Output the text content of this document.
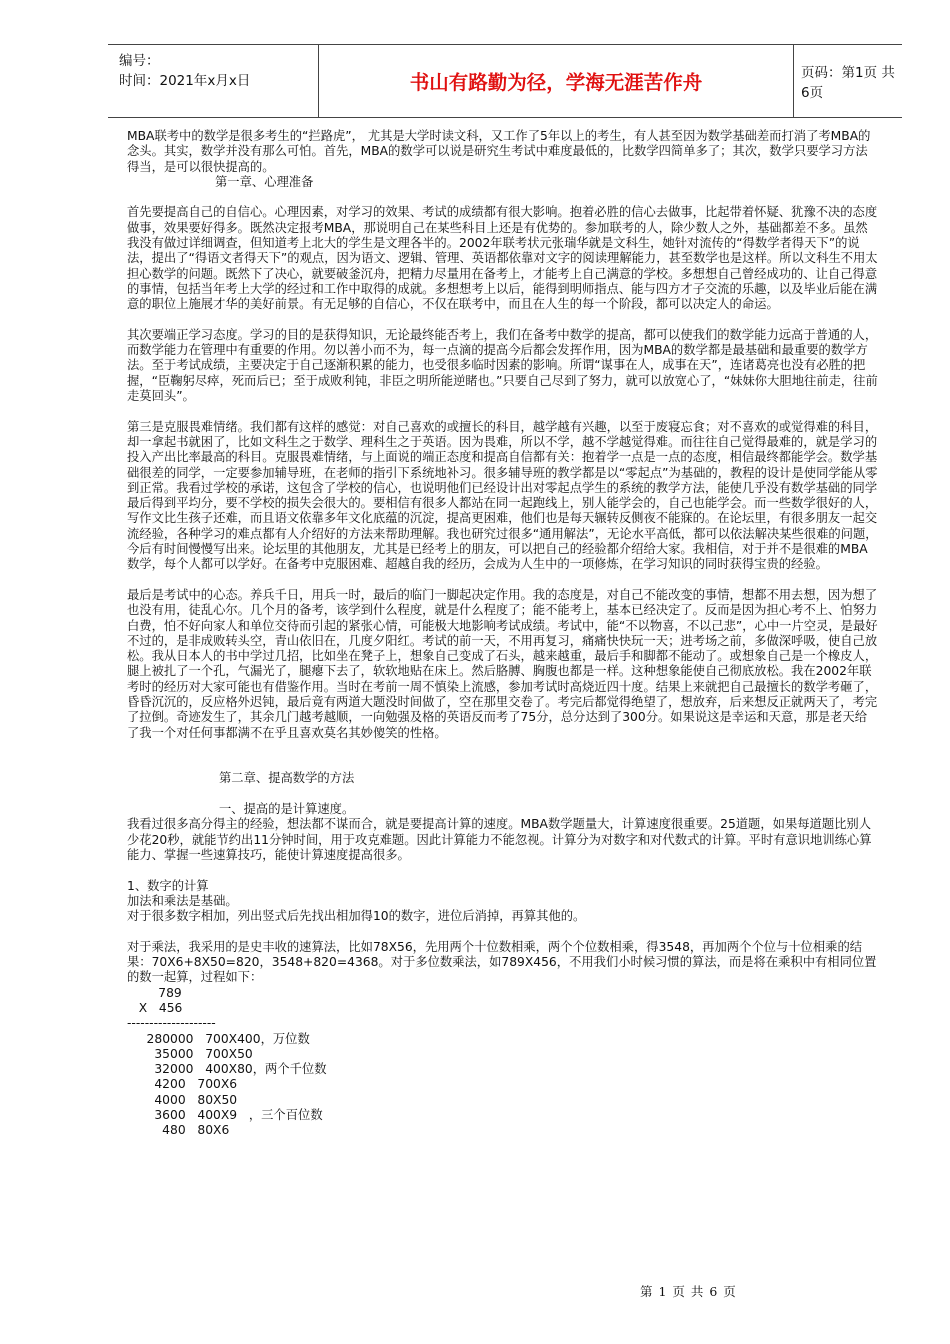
编号：
时间：2021年x月x日	书山有路勤为径，学海无涯苦作舟	页码：第1页 共6页

MBA联考中的数学是很多考生的“拦路虎”， 尤其是大学时读文科，又工作了5年以上的考生，有人甚至因为数学基础差而打消了考MBA的念头。其实，数学并没有那么可怕。首先，MBA的数学可以说是研究生考试中难度最低的，比数学四简单多了；其次，数学只要学习方法得当，是可以很快提高的。

第一章、心理准备

首先要提高自己的自信心。心理因素，对学习的效果、考试的成绩都有很大影响。抱着必胜的信心去做事，比起带着怀疑、犹豫不决的态度做事，效果要好得多。既然决定报考MBA，那说明自己在某些科目上还是有优势的。参加联考的人，除少数人之外，基础都差不多。虽然我没有做过详细调查，但知道考上北大的学生是文理各半的。2002年联考状元张瑞华就是文科生，她针对流传的“得数学者得天下”的说法，提出了“得语文者得天下”的观点，因为语文、逻辑、管理、英语都依靠对文字的阅读理解能力，甚至数学也是这样。所以文科生不用太担心数学的问题。既然下了决心，就要破釜沉舟，把精力尽量用在备考上，才能考上自己满意的学校。多想想自己曾经成功的、让自己得意的事情，包括当年考上大学的经过和工作中取得的成就。多想想考上以后，能得到明师指点、能与四方才子交流的乐趣，以及毕业后能在满意的职位上施展才华的美好前景。有无足够的自信心，不仅在联考中，而且在人生的每一个阶段，都可以决定人的命运。

其次要端正学习态度。学习的目的是获得知识，无论最终能否考上，我们在备考中数学的提高，都可以使我们的数学能力远高于普通的人，而数学能力在管理中有重要的作用。勿以善小而不为，每一点滴的提高今后都会发挥作用，因为MBA的数学都是最基础和最重要的数学方法。至于考试成绩，主要决定于自己逐渐积累的能力，也受很多临时因素的影响。所谓“谋事在人，成事在天”，连诸葛亮也没有必胜的把握，“臣鞠躬尽瘁，死而后已；至于成败利钝，非臣之明所能逆睹也。”只要自己尽到了努力，就可以放宽心了，“妹妹你大胆地往前走，往前走莫回头”。

第三是克服畏难情绪。我们都有这样的感觉：对自己喜欢的或擅长的科目，越学越有兴趣，以至于废寝忘食；对不喜欢的或觉得难的科目，却一拿起书就困了，比如文科生之于数学、理科生之于英语。因为畏难，所以不学，越不学越觉得难。而往往自己觉得最难的，就是学习的投入产出比率最高的科目。克服畏难情绪，与上面说的端正态度和提高自信都有关：抱着学一点是一点的态度，相信最终都能学会。数学基础很差的同学，一定要参加辅导班，在老师的指引下系统地补习。很多辅导班的教学都是以“零起点”为基础的，教程的设计是使同学能从零到正常。我看过学校的承诺，这包含了学校的信心，也说明他们已经设计出对零起点学生的系统的教学方法，能使几乎没有数学基础的同学最后得到平均分，要不学校的损失会很大的。要相信有很多人都站在同一起跑线上，别人能学会的，自己也能学会。而一些数学很好的人，写作文比生孩子还难，而且语文依靠多年文化底蕴的沉淀，提高更困难，他们也是每天辗转反侧夜不能寐的。在论坛里，有很多朋友一起交流经验，各种学习的难点都有人介绍好的方法来帮助理解。我也研究过很多“通用解法”，无论水平高低，都可以依法解决某些很难的问题，今后有时间慢慢写出来。论坛里的其他朋友，尤其是已经考上的朋友，可以把自己的经验都介绍给大家。我相信，对于并不是很难的MBA数学，每个人都可以学好。在备考中克服困难、超越自我的经历，会成为人生中的一项修炼，在学习知识的同时获得宝贵的经验。

最后是考试中的心态。养兵千日，用兵一时，最后的临门一脚起决定作用。我的态度是，对自己不能改变的事情，想都不用去想，因为想了也没有用，徒乱心尔。几个月的备考，该学到什么程度，就是什么程度了；能不能考上，基本已经决定了。反而是因为担心考不上、怕努力白费，怕不好向家人和单位交待而引起的紧张心情，可能极大地影响考试成绩。考试中，能“不以物喜，不以己悲”，心中一片空灵，是最好不过的，是非成败转头空，青山依旧在，几度夕阳红。考试的前一天，不用再复习，痛痛快快玩一天；进考场之前，多做深呼吸，使自己放松。我从日本人的书中学过几招，比如坐在凳子上，想象自己变成了石头，越来越重，最后手和脚都不能动了。或想象自己是一个橡皮人，腿上被扎了一个孔，气漏光了，腿瘪下去了，软软地贴在床上。然后胳膊、胸腹也都是一样。这种想象能使自己彻底放松。我在2002年联考时的经历对大家可能也有借鉴作用。当时在考前一周不慎染上流感，参加考试时高烧近四十度。结果上来就把自己最擅长的数学考砸了，昏昏沉沉的，反应格外迟钝，最后竟有两道大题没时间做了，空在那里交卷了。考完后都觉得绝望了，想放弃，后来想反正就两天了，考完了拉倒。奇迹发生了，其余几门越考越顺，一向勉强及格的英语反而考了75分，总分达到了300分。如果说这是幸运和天意，那是老天给了我一个对任何事都满不在乎且喜欢莫名其妙傻笑的性格。

第二章、提高数学的方法

一、提高的是计算速度。

我看过很多高分得主的经验，想法都不谋而合，就是要提高计算的速度。MBA数学题量大，计算速度很重要。25道题，如果每道题比别人少花20秒，就能节约出11分钟时间，用于攻克难题。因此计算能力不能忽视。计算分为对数字和对代数式的计算。平时有意识地训练心算能力、掌握一些速算技巧，能使计算速度提高很多。

1、数字的计算

加法和乘法是基础。

对于很多数字相加，列出竖式后先找出相加得10的数字，进位后消掉，再算其他的。

对于乘法，我采用的是史丰收的速算法，比如78X56，先用两个十位数相乘，两个个位数相乘，得3548，再加两个个位与十位相乘的结果：70X6+8X50=820，3548+820=4368。对于多位数乘法，如789X456，不用我们小时候习惯的算法，而是将在乘积中有相同位置的数一起算，过程如下：

789
X   456
--------------------
280000   700X400，万位数
35000   700X50
32000   400X80，两个千位数
4200   700X6
4000   80X50
3600   400X9   ，三个百位数
480   80X6
第 1 页 共 6 页
